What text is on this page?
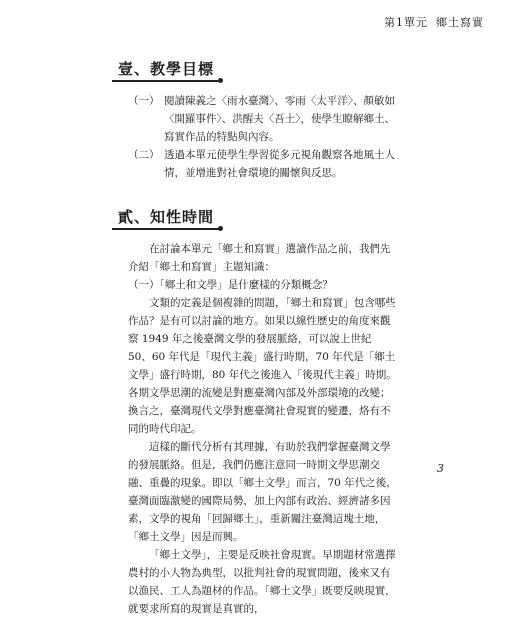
第1單元 鄉土寫實
壹、教學目標
（一） 閱讀陳義之〈雨水臺灣〉、零雨〈太平洋〉、顏敏如〈開羅事件〉、洪醒夫〈吾土〉，使學生瞭解鄉土、寫實作品的特點與內容。
（二） 透過本單元使學生學習從多元視角觀察各地風土人情，並增進對社會環境的關懷與反思。
貳、知性時間

在討論本單元「鄉土和寫實」選讀作品之前，我們先介紹「鄉土和寫實」主題知識：

（一）「鄉土和文學」是什麼樣的分類概念？

文類的定義是個複雜的問題，「鄉土和寫實」包含哪些作品？是有可以討論的地方。如果以線性歷史的角度來觀察 1949 年之後臺灣文學的發展脈絡，可以說上世紀 50、60 年代是「現代主義」盛行時期，70 年代是「鄉土文學」盛行時期，80 年代之後進入「後現代主義」時期。各期文學思潮的流變是對應臺灣內部及外部環境的改變；換言之，臺灣現代文學對應臺灣社會現實的變遷，烙有不同的時代印記。

這樣的斷代分析有其理據，有助於我們掌握臺灣文學的發展脈絡。但是，我們仍應注意同一時期文學思潮交融、重疊的現象。即以「鄉土文學」而言，70 年代之後，臺灣面臨激變的國際局勢，加上內部有政治、經濟諸多因素，文學的視角「回歸鄉土」，重新關注臺灣這塊土地，「鄉土文學」因是而興。

「鄉土文學」，主要是反映社會現實。早期題材常選擇農村的小人物為典型，以批判社會的現實問題，後來又有以漁民、工人為題材的作品。「鄉土文學」既要反映現實，就要求所寫的現實是真實的，

3
